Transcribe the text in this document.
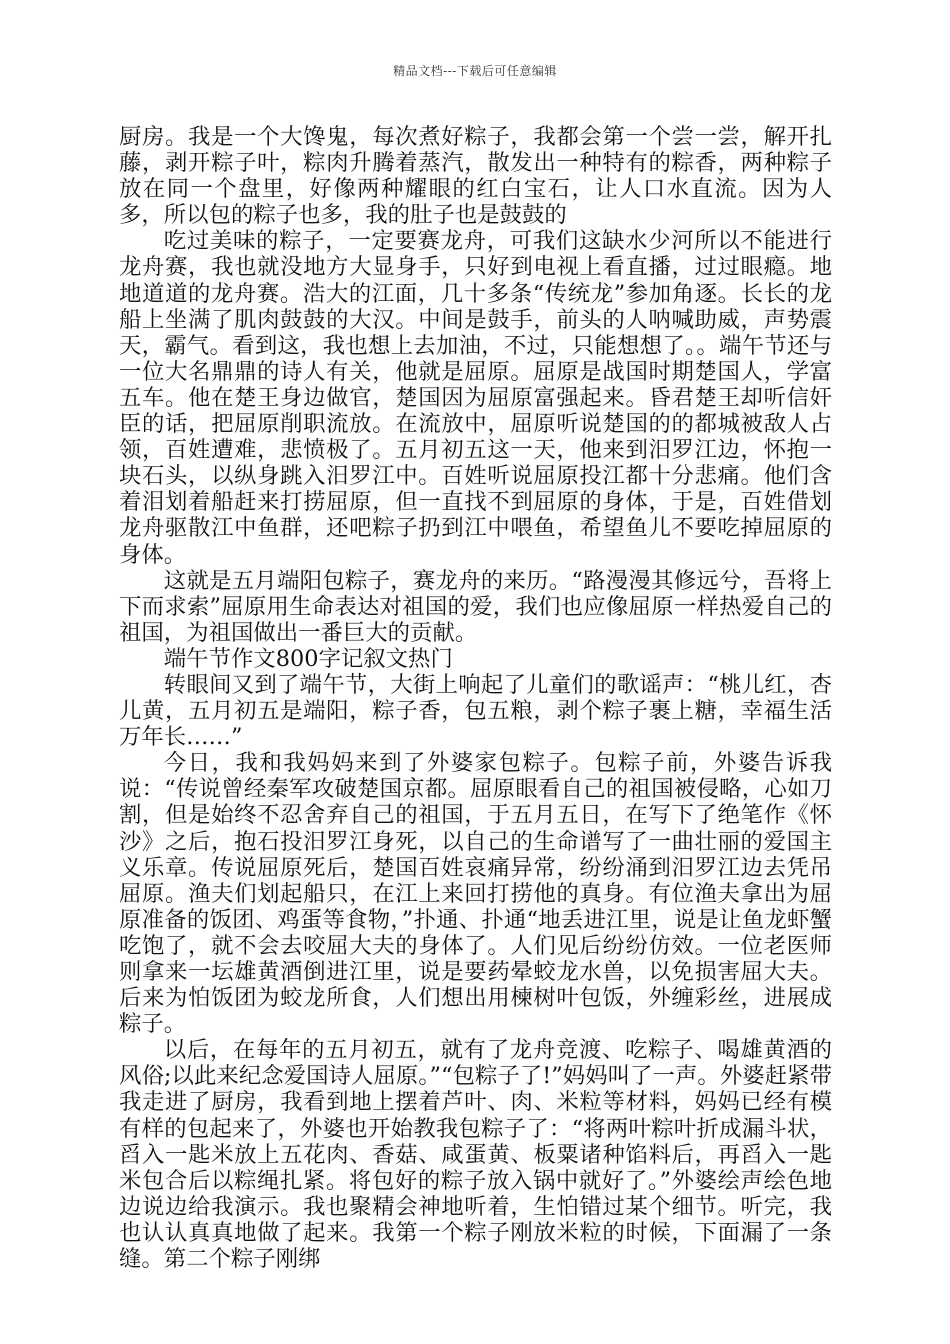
精品文档---下载后可任意编辑

厨房。我是一个大馋鬼，每次煮好粽子，我都会第一个尝一尝，解开扎藤，剥开粽子叶，粽肉升腾着蒸汽，散发出一种特有的粽香，两种粽子放在同一个盘里，好像两种耀眼的红白宝石，让人口水直流。因为人多，所以包的粽子也多，我的肚子也是鼓鼓的

吃过美味的粽子，一定要赛龙舟，可我们这缺水少河所以不能进行龙舟赛，我也就没地方大显身手，只好到电视上看直播，过过眼瘾。地地道道的龙舟赛。浩大的江面，几十多条“传统龙”参加角逐。长长的龙船上坐满了肌肉鼓鼓的大汉。中间是鼓手，前头的人呐喊助威，声势震天，霸气。看到这，我也想上去加油，不过，只能想想了。。端午节还与一位大名鼎鼎的诗人有关，他就是屈原。屈原是战国时期楚国人，学富五车。他在楚王身边做官，楚国因为屈原富强起来。昏君楚王却听信奸臣的话，把屈原削职流放。在流放中，屈原听说楚国的的都城被敌人占领，百姓遭难，悲愤极了。五月初五这一天，他来到汨罗江边，怀抱一块石头，以纵身跳入汨罗江中。百姓听说屈原投江都十分悲痛。他们含着泪划着船赶来打捞屈原，但一直找不到屈原的身体，于是，百姓借划龙舟驱散江中鱼群，还吧粽子扔到江中喂鱼，希望鱼儿不要吃掉屈原的身体。

这就是五月端阳包粽子，赛龙舟的来历。“路漫漫其修远兮，吾将上下而求索”屈原用生命表达对祖国的爱，我们也应像屈原一样热爱自己的祖国，为祖国做出一番巨大的贡献。

端午节作文800字记叙文热门

转眼间又到了端午节，大街上响起了儿童们的歌谣声：“桃儿红，杏儿黄，五月初五是端阳，粽子香，包五粮，剥个粽子裹上糖，幸福生活万年长……”

今日，我和我妈妈来到了外婆家包粽子。包粽子前，外婆告诉我说：“传说曾经秦军攻破楚国京都。屈原眼看自己的祖国被侵略，心如刀割，但是始终不忍舍弃自己的祖国，于五月五日，在写下了绝笔作《怀沙》之后，抱石投汨罗江身死，以自己的生命谱写了一曲壮丽的爱国主义乐章。传说屈原死后，楚国百姓哀痛异常，纷纷涌到汨罗江边去凭吊屈原。渔夫们划起船只，在江上来回打捞他的真身。有位渔夫拿出为屈原准备的饭团、鸡蛋等食物，”扑通、扑通“地丢进江里，说是让鱼龙虾蟹吃饱了，就不会去咬屈大夫的身体了。人们见后纷纷仿效。一位老医师则拿来一坛雄黄酒倒进江里，说是要药晕蛟龙水兽，以免损害屈大夫。后来为怕饭团为蛟龙所食，人们想出用楝树叶包饭，外缠彩丝，进展成粽子。

以后，在每年的五月初五，就有了龙舟竞渡、吃粽子、喝雄黄酒的风俗;以此来纪念爱国诗人屈原。”“包粽子了!”妈妈叫了一声。外婆赶紧带我走进了厨房，我看到地上摆着芦叶、肉、米粒等材料，妈妈已经有模有样的包起来了，外婆也开始教我包粽子了：“将两叶粽叶折成漏斗状，舀入一匙米放上五花肉、香菇、咸蛋黄、板粟诸种馅料后，再舀入一匙米包合后以粽绳扎紧。将包好的粽子放入锅中就好了。”外婆绘声绘色地边说边给我演示。我也聚精会神地听着，生怕错过某个细节。听完，我也认认真真地做了起来。我第一个粽子刚放米粒的时候，下面漏了一条缝。第二个粽子刚绑
